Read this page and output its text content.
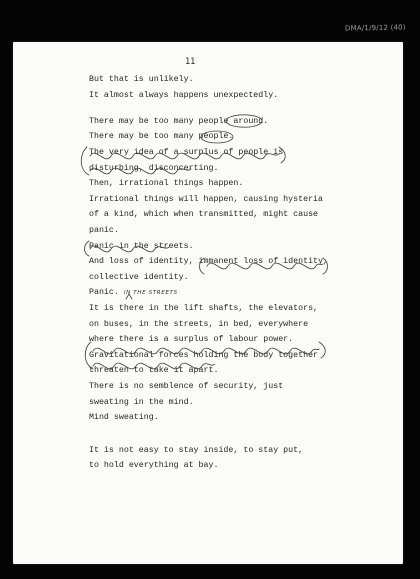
DMA/1/9/12 (40)
11
But that is unlikely.
It almost always happens unexpectedly.
There may be too many people around.
There may be too many people.
The very idea of a surplus of people is
disturbing, disconcerting.
Then, irrational things happen.
Irrational things will happen, causing hysteria
of a kind, which when transmitted, might cause
panic.
Panic in the streets.
And loss of identity, immanent loss of identity,
collective identity.
Panic. IN THE STREETS
It is there in the lift shafts, the elevators,
on buses, in the streets, in bed, everywhere
where there is a surplus of labour power.
Gravitational forces holding the body together
threaten to take it apart.
There is no semblence of security, just
sweating in the mind.
Mind sweating.
It is not easy to stay inside, to stay put,
to hold everything at bay.
